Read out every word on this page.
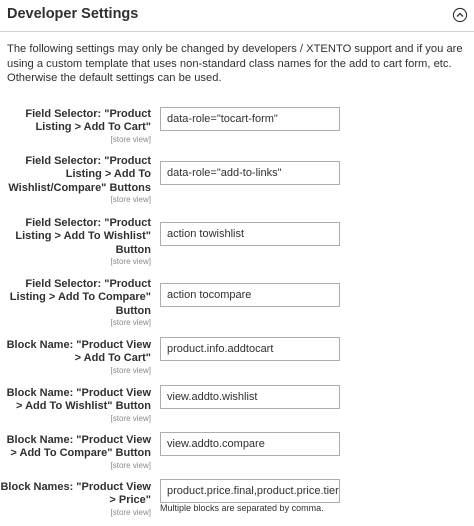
Developer Settings
The following settings may only be changed by developers / XTENTO support and if you are using a custom template that uses non-standard class names for the add to cart form, etc. Otherwise the default settings can be used.
Field Selector: "Product Listing > Add To Cart"
[store view]
data-role="tocart-form"
Field Selector: "Product Listing > Add To Wishlist/Compare" Buttons
[store view]
data-role="add-to-links"
Field Selector: "Product Listing > Add To Wishlist" Button
[store view]
action towishlist
Field Selector: "Product Listing > Add To Compare" Button
[store view]
action tocompare
Block Name: "Product View > Add To Cart"
[store view]
product.info.addtocart
Block Name: "Product View > Add To Wishlist" Button
[store view]
view.addto.wishlist
Block Name: "Product View > Add To Compare" Button
[store view]
view.addto.compare
Block Names: "Product View > Price"
[store view]
product.price.final,product.price.tier
Multiple blocks are separated by comma.
